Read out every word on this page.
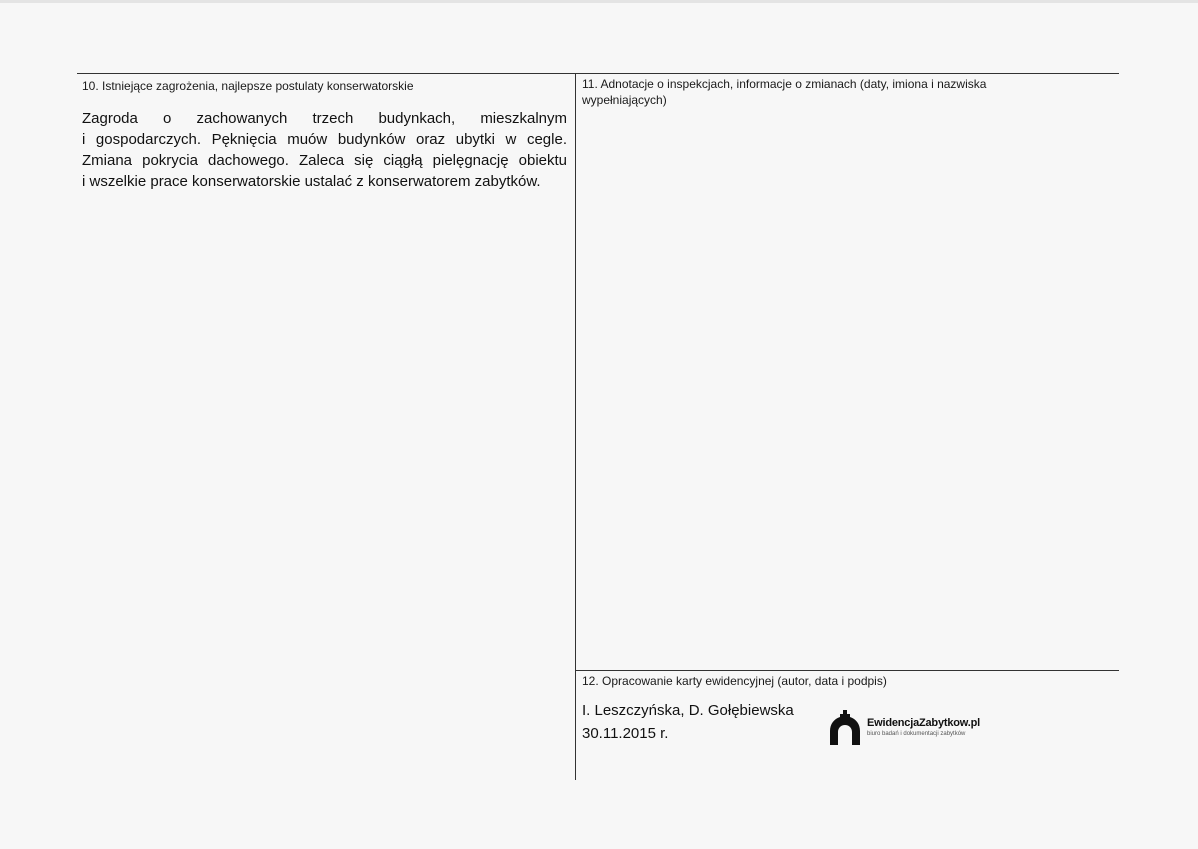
10. Istniejące zagrożenia, najlepsze postulaty konserwatorskie

Zagroda o zachowanych trzech budynkach, mieszkalnym

i gospodarczych. Pęknięcia muów budynków oraz ubytki w cegle.

Zmiana pokrycia dachowego. Zaleca się ciągłą pielęgnację obiektu

i wszelkie prace konserwatorskie ustalać z konserwatorem zabytków.

11. Adnotacje o inspekcjach, informacje o zmianach (daty, imiona i nazwiska
wypełniających)
12. Opracowanie karty ewidencyjnej (autor, data i podpis)
I. Leszczyńska, D. Gołębiewska
30.11.2015 r.
EwidencjaZabytkow.pl
biuro badań i dokumentacji zabytków
